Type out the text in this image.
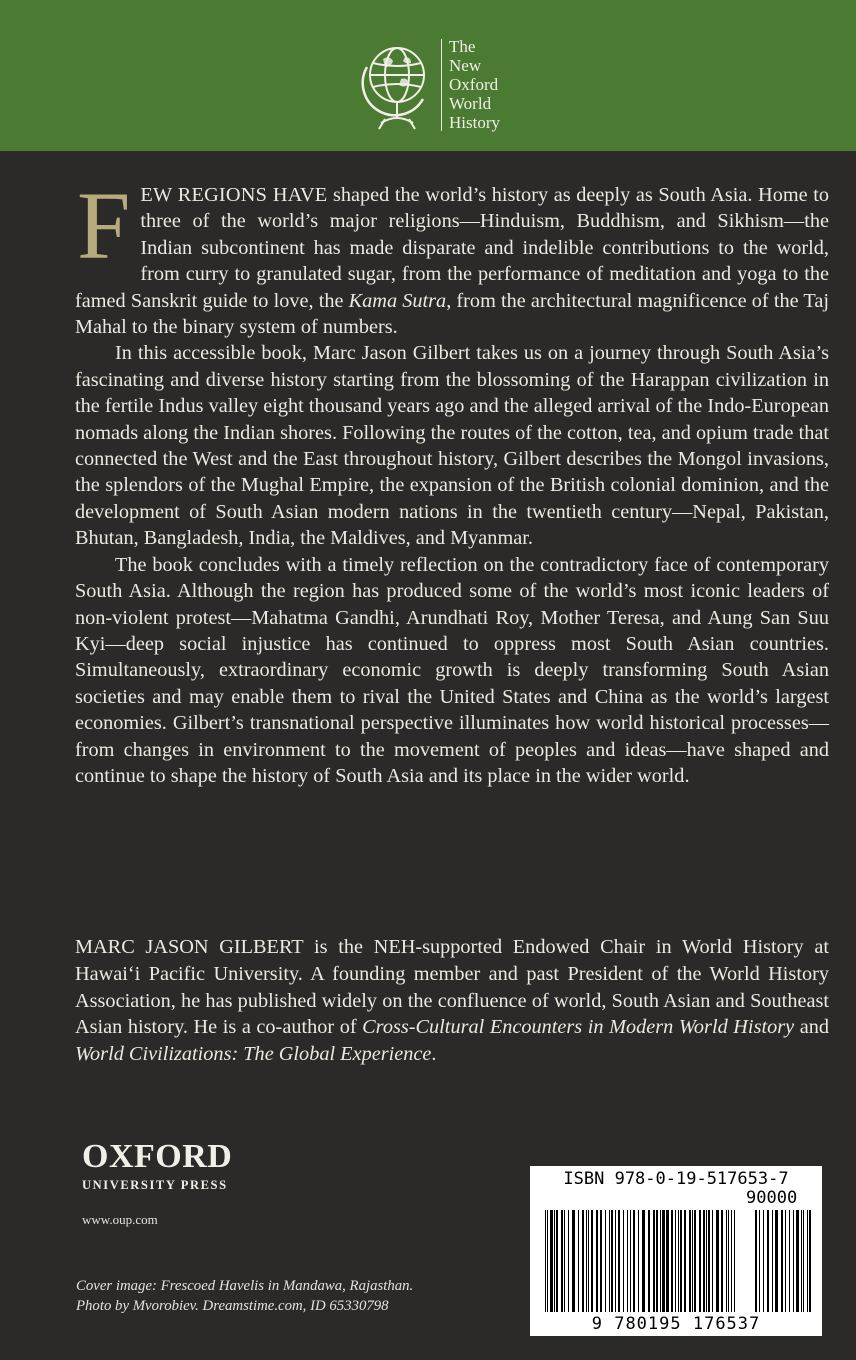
The
New
Oxford
World
History

FEW REGIONS HAVE shaped the world’s history as deeply as South Asia. Home to three of the world’s major religions—Hinduism, Buddhism, and Sikhism—the Indian subcontinent has made disparate and indelible contributions to the world, from curry to granulated sugar, from the performance of meditation and yoga to the famed Sanskrit guide to love, the Kama Sutra, from the architectural magnificence of the Taj Mahal to the binary system of numbers.

In this accessible book, Marc Jason Gilbert takes us on a journey through South Asia’s fascinating and diverse history starting from the blossoming of the Harappan civilization in the fertile Indus valley eight thousand years ago and the alleged arrival of the Indo-European nomads along the Indian shores. Following the routes of the cotton, tea, and opium trade that connected the West and the East throughout history, Gilbert describes the Mongol invasions, the splendors of the Mughal Empire, the expansion of the British colonial dominion, and the development of South Asian modern nations in the twentieth century—Nepal, Pakistan, Bhutan, Bangladesh, India, the Maldives, and Myanmar.

The book concludes with a timely reflection on the contradictory face of contemporary South Asia. Although the region has produced some of the world’s most iconic leaders of non-violent protest—Mahatma Gandhi, Arundhati Roy, Mother Teresa, and Aung San Suu Kyi—deep social injustice has continued to oppress most South Asian countries. Simultaneously, extraordinary economic growth is deeply transforming South Asian societies and may enable them to rival the United States and China as the world’s largest economies. Gilbert’s transnational perspective illuminates how world historical processes—from changes in environment to the movement of peoples and ideas—have shaped and continue to shape the history of South Asia and its place in the wider world.

MARC JASON GILBERT is the NEH-supported Endowed Chair in World History at Hawai‘i Pacific University. A founding member and past President of the World History Association, he has published widely on the confluence of world, South Asian and Southeast Asian history. He is a co-author of Cross-Cultural Encounters in Modern World History and World Civilizations: The Global Experience.

OXFORD
UNIVERSITY PRESS
www.oup.com
Cover image: Frescoed Havelis in Mandawa, Rajasthan.
Photo by Mvorobiev. Dreamstime.com, ID 65330798
ISBN 978-0-19-517653-7
90000
9 780195 176537
